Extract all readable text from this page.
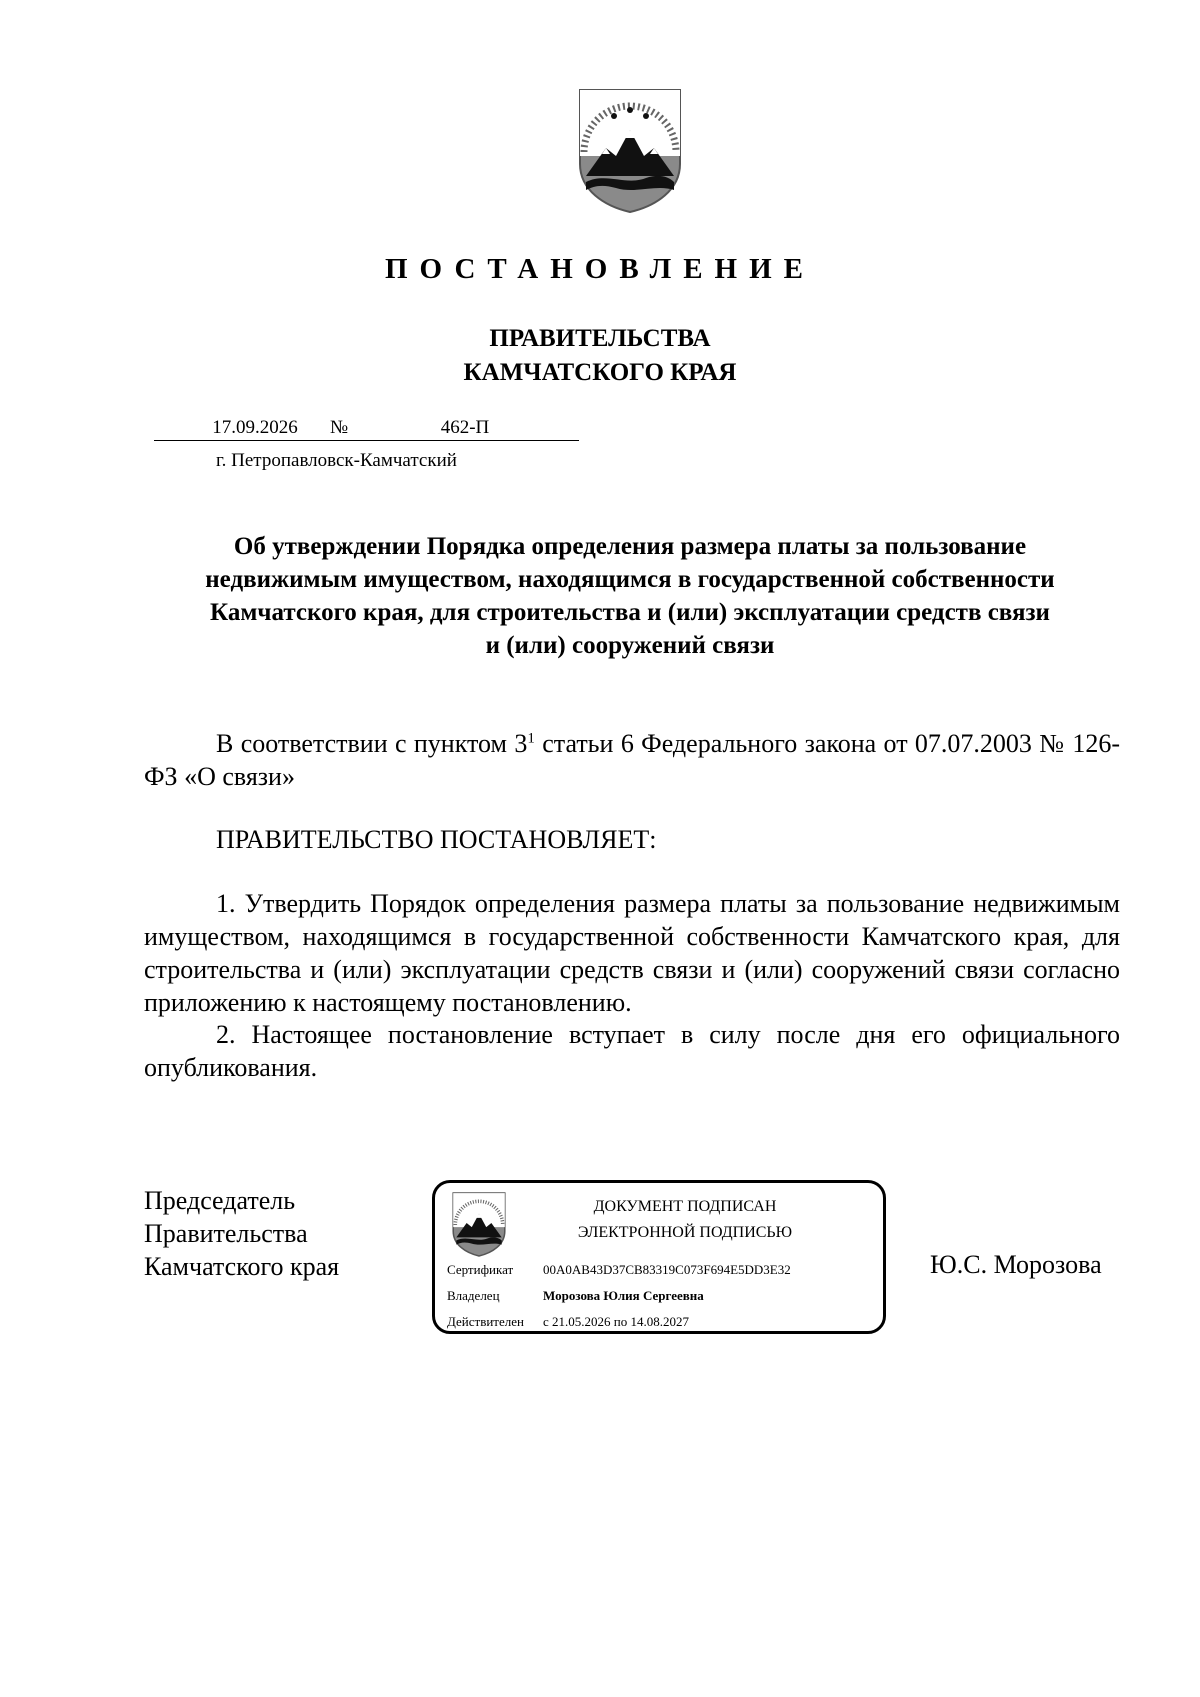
ПОСТАНОВЛЕНИЕ
ПРАВИТЕЛЬСТВА
КАМЧАТСКОГО КРАЯ
17.09.2026	№	462-П
г. Петропавловск-Камчатский
Об утверждении Порядка определения размера платы за пользование
недвижимым имуществом, находящимся в государственной собственности
Камчатского края, для строительства и (или) эксплуатации средств связи
и (или) сооружений связи
В соответствии с пунктом $3^1$ статьи 6 Федерального закона от 07.07.2003 № 126-ФЗ «О связи»
ПРАВИТЕЛЬСТВО ПОСТАНОВЛЯЕТ:
1. Утвердить Порядок определения размера платы за пользование недвижимым имуществом, находящимся в государственной собственности Камчатского края, для строительства и (или) эксплуатации средств связи и (или) сооружений связи согласно приложению к настоящему постановлению.
2. Настоящее постановление вступает в силу после дня его официального опубликования.
Председатель
Правительства
Камчатского края	Ю.С. Морозова
ДОКУМЕНТ ПОДПИСАН
ЭЛЕКТРОННОЙ ПОДПИСЬЮ
Сертификат 00A0AB43D37CB83319C073F694E5DD3E32
Владелец	Морозова Юлия Сергеевна
Действителен с 21.05.2026 по 14.08.2027
